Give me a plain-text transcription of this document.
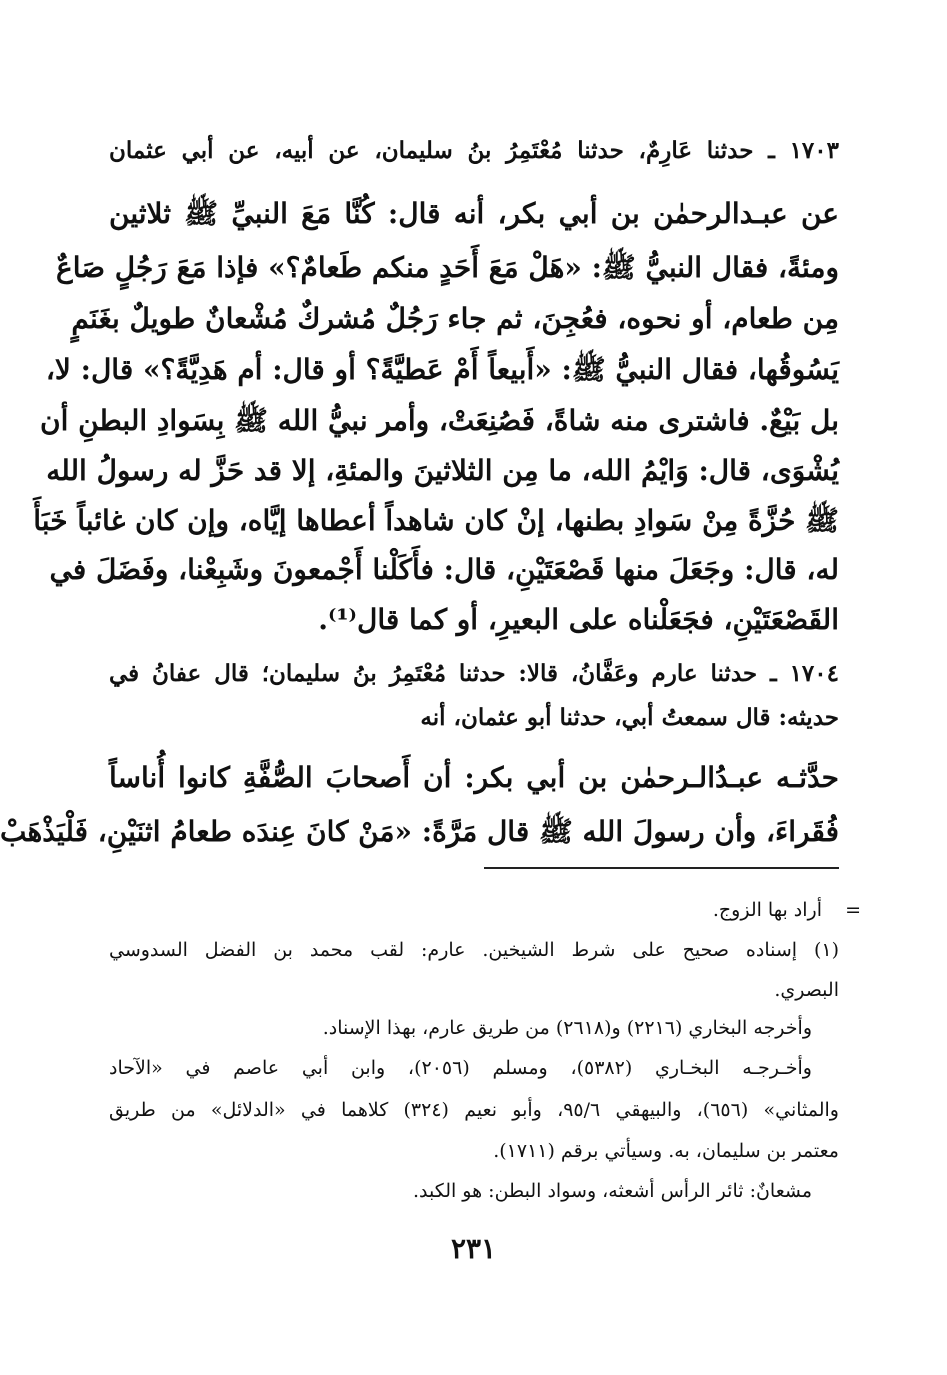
١٧٠٣ ـ حدثنا عَارِمٌ، حدثنا مُعْتَمِرُ بنُ سليمان، عن أبيه، عن أبي عثمان
عن عبـدالرحمٰن بن أبي بكر، أنه قال: كُنَّا مَعَ النبيِّ ﷺ ثلاثين
ومئةً، فقال النبيُّ ﷺ: «هَلْ مَعَ أَحَدٍ منكم طَعامٌ؟» فإذا مَعَ رَجُلٍ صَاعٌ
مِن طعام، أو نحوه، فعُجِنَ، ثم جاء رَجُلٌ مُشركٌ مُشْعانٌ طويلٌ بغَنَمٍ
يَسُوقُها، فقال النبيُّ ﷺ: «أَبيعاً أَمْ عَطيَّةً؟ أو قال: أم هَدِيَّةً؟» قال: لا،
بل بَيْعٌ. فاشترى منه شاةً، فَصُنِعَتْ، وأمر نبيُّ الله ﷺ بِسَوادِ البطنِ أن
يُشْوَى، قال: وَايْمُ الله، ما مِن الثلاثينَ والمئةِ، إلا قد حَزَّ له رسولُ الله
ﷺ حُزَّةً مِنْ سَوادِ بطنها، إنْ كان شاهداً أعطاها إيَّاه، وإن كان غائباً خَبَأَ
له، قال: وجَعَلَ منها قَصْعَتَيْنِ، قال: فأَكَلْنا أَجْمعونَ وشَبِعْنا، وفَضَلَ في
القَصْعَتَيْنِ، فجَعَلْناه على البعيرِ، أو كما قال⁽¹⁾.
١٧٠٤ ـ حدثنا عارم وعَفَّانُ، قالا: حدثنا مُعْتَمِرُ بنُ سليمان؛ قال عفانُ في
حديثه: قال سمعتُ أبي، حدثنا أبو عثمان، أنه
حدَّثـه عبـدُالـرحمٰن بن أبي بكر: أن أَصحابَ الصُّفَّةِ كانوا أُناساً
فُقَراءَ، وأن رسولَ الله ﷺ قال مَرَّةً: «مَنْ كانَ عِندَه طعامُ اثنَيْنِ، فَلْيَذْهَبْ
=
أراد بها الزوج.
(١) إسناده صحيح على شرط الشيخين. عارم: لقب محمد بن الفضل السدوسي
البصري.
وأخرجه البخاري (٢٢١٦) و(٢٦١٨) من طريق عارم، بهذا الإسناد.
وأخـرجـه البخـاري (٥٣٨٢)، ومسلم (٢٠٥٦)، وابن أبي عاصم في «الآحاد
والمثاني» (٦٥٦)، والبيهقي ٩٥/٦، وأبو نعيم (٣٢٤) كلاهما في «الدلائل» من طريق
معتمر بن سليمان، به. وسيأتي برقم (١٧١١).
مشعانٌ: ثائر الرأس أشعثه، وسواد البطن: هو الكبد.
٢٣١
